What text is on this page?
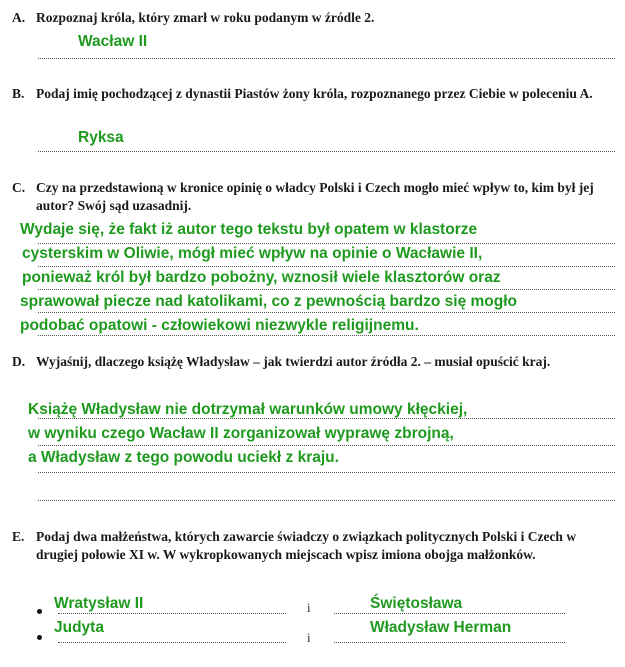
A. Rozpoznaj króla, który zmarł w roku podanym w źródle 2.
Wacław II
B. Podaj imię pochodzącej z dynastii Piastów żony króla, rozpoznanego przez Ciebie w poleceniu A.
Ryksa
C. Czy na przedstawioną w kronice opinię o władcy Polski i Czech mogło mieć wpływ to, kim był jej autor? Swój sąd uzasadnij.
Wydaje się, że fakt iż autor tego tekstu był opatem w klastorze
cysterskim w Oliwie, mógł mieć wpływ na opinie o Wacławie II,
ponieważ król był bardzo pobożny, wznosił wiele klasztorów oraz
sprawował piecze nad katolikami, co z pewnością bardzo się mogło
podobać opatowi - człowiekowi niezwykle religijnemu.
D. Wyjaśnij, dlaczego książę Władysław – jak twierdzi autor źródła 2. – musiał opuścić kraj.
Książę Władysław nie dotrzymał warunków umowy kłęckiej,
w wyniku czego Wacław II zorganizował wyprawę zbrojną,
a Władysław z tego powodu uciekł z kraju.
E. Podaj dwa małżeństwa, których zawarcie świadczy o związkach politycznych Polski i Czech w drugiej połowie XI w. W wykropkowanych miejscach wpisz imiona obojga małżonków.
Wratysław II	i	Świętosława
Judyta
i
Władysław Herman
